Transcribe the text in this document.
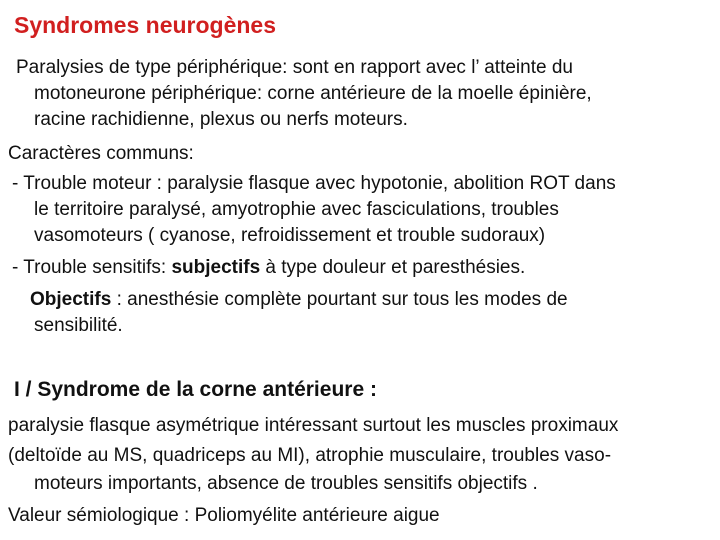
Syndromes neurogènes
Paralysies de type périphérique: sont en rapport avec l’ atteinte du
motoneurone périphérique: corne antérieure de la moelle épinière,
racine rachidienne, plexus ou nerfs moteurs.
Caractères communs:
- Trouble moteur : paralysie flasque avec hypotonie, abolition ROT dans
le territoire paralysé, amyotrophie avec fasciculations, troubles
vasomoteurs ( cyanose, refroidissement et trouble sudoraux)
- Trouble sensitifs: subjectifs à type douleur et paresthésies.
Objectifs : anesthésie complète pourtant sur tous les modes de
sensibilité.
I / Syndrome de la corne antérieure :
paralysie flasque asymétrique intéressant surtout les muscles proximaux
(deltoïde au MS, quadriceps au MI), atrophie musculaire, troubles vaso-
moteurs importants, absence de troubles sensitifs objectifs .
Valeur sémiologique : Poliomyélite antérieure aigue
